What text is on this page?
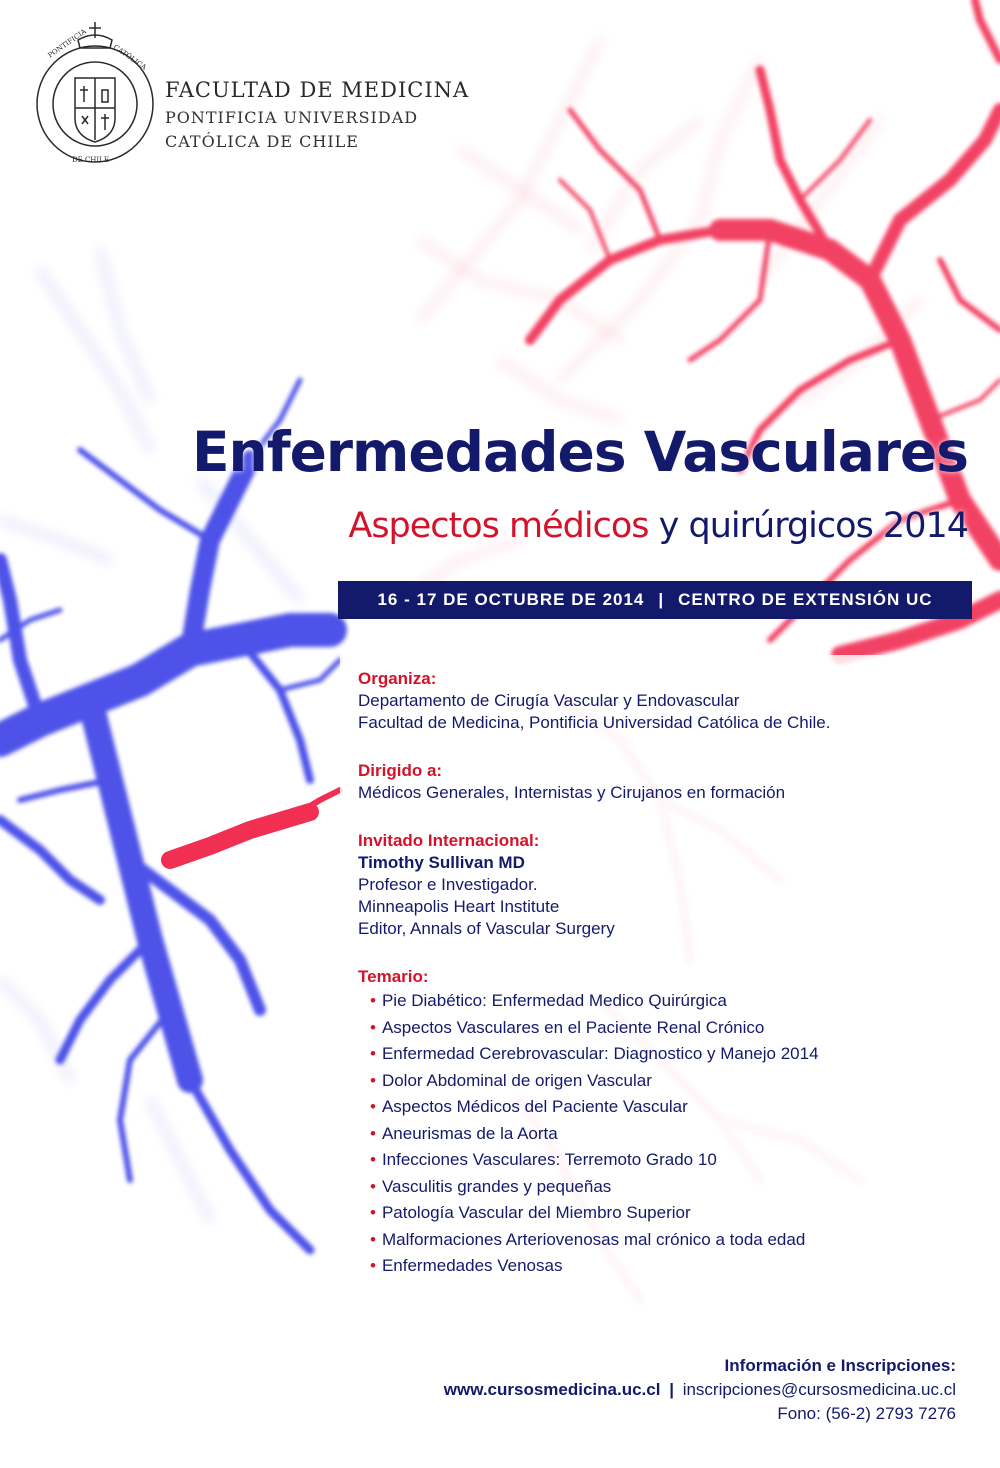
PONTIFICIA	CATÓLICA
DE CHILE
FACULTAD DE MEDICINA
PONTIFICIA UNIVERSIDAD
CATÓLICA DE CHILE
Enfermedades Vasculares
Aspectos médicos y quirúrgicos 2014
16 - 17 DE OCTUBRE DE 2014 | CENTRO DE EXTENSIÓN UC
Organiza:
Departamento de Cirugía Vascular y Endovascular
Facultad de Medicina, Pontificia Universidad Católica de Chile.
Dirigido a:
Médicos Generales, Internistas y Cirujanos en formación
Invitado Internacional:
Timothy Sullivan MD
Profesor e Investigador.
Minneapolis Heart Institute
Editor, Annals of Vascular Surgery
Temario:
• Pie Diabético: Enfermedad Medico Quirúrgica
• Aspectos Vasculares en el Paciente Renal Crónico
• Enfermedad Cerebrovascular: Diagnostico y Manejo 2014
• Dolor Abdominal de origen Vascular
• Aspectos Médicos del Paciente Vascular
• Aneurismas de la Aorta
• Infecciones Vasculares: Terremoto Grado 10
• Vasculitis grandes y pequeñas
• Patología Vascular del Miembro Superior
• Malformaciones Arteriovenosas mal crónico a toda edad
• Enfermedades Venosas
Información e Inscripciones:
www.cursosmedicina.uc.cl | inscripciones@cursosmedicina.uc.cl
Fono: (56-2) 2793 7276
